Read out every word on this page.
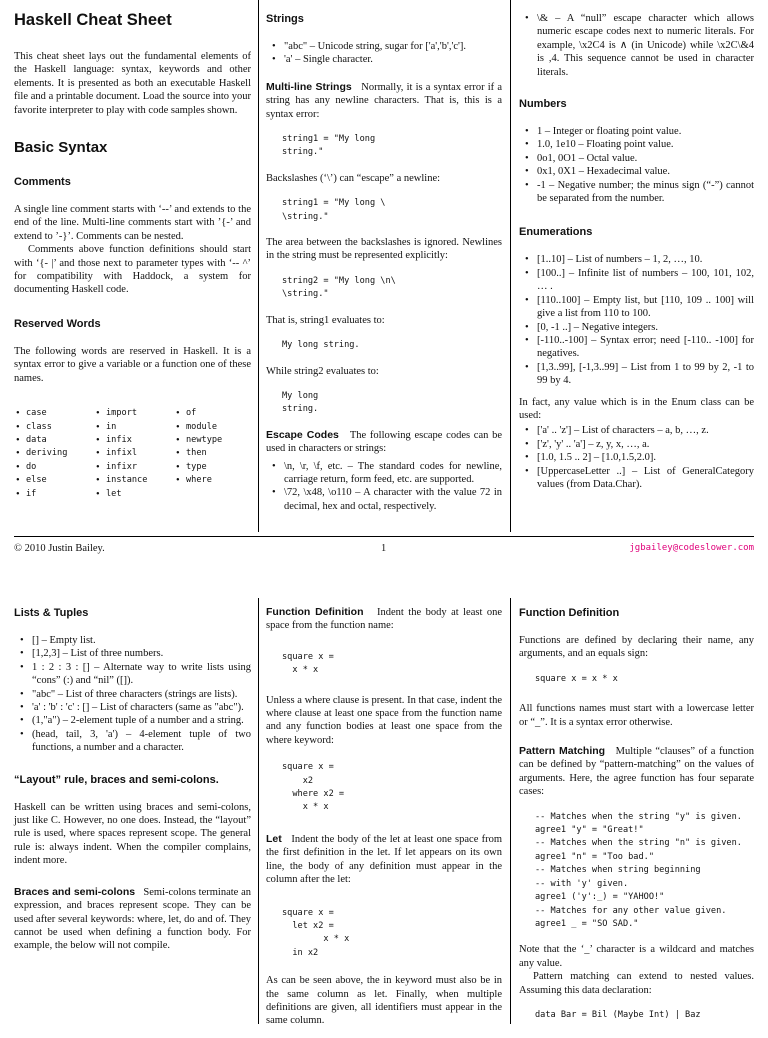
Haskell Cheat Sheet

This cheat sheet lays out the fundamental elements of the Haskell language: syntax, keywords and other elements. It is presented as both an executable Haskell file and a printable document. Load the source into your favorite interpreter to play with code samples shown.

Basic Syntax
Comments

A single line comment starts with ‘--’ and extends to the end of the line. Multi-line comments start with ’{-’ and extend to ’-}’. Comments can be nested.

Comments above function definitions should start with ‘{- |’ and those next to parameter types with ‘-- ^’ for compatibility with Haddock, a system for documenting Haskell code.

Reserved Words

The following words are reserved in Haskell. It is a syntax error to give a variable or a function one of these names.

• case	• import	• of
• class	• in	• module
• data	• infix	• newtype
• deriving	• infixl	• then
• do	• infixr	• type
• else	• instance	• where
• if	• let
Strings
• "abc" – Unicode string, sugar for ['a','b','c'].
• 'a' – Single character.

Multi-line Strings Normally, it is a syntax error if a string has any newline characters. That is, this is a syntax error:

string1 = "My long
string."

Backslashes (‘\’) can “escape” a newline:

string1 = "My long \
\string."

The area between the backslashes is ignored. Newlines in the string must be represented explicitly:

string2 = "My long \n\
\string."

That is, string1 evaluates to:

My long string.

While string2 evaluates to:

My long
string.

Escape Codes The following escape codes can be used in characters or strings:

• \n, \r, \f, etc. – The standard codes for newline, carriage return, form feed, etc. are supported.
• \72, \x48, \o110 – A character with the value 72 in decimal, hex and octal, respectively.
• \& – A “null” escape character which allows numeric escape codes next to numeric literals. For example, \x2C4 is ∧ (in Unicode) while \x2C\&4 is ,4. This sequence cannot be used in character literals.
Numbers
• 1 – Integer or floating point value.
• 1.0, 1e10 – Floating point value.
• 0o1, 0O1 – Octal value.
• 0x1, 0X1 – Hexadecimal value.
• -1 – Negative number; the minus sign (“-”) cannot be separated from the number.
Enumerations
• [1..10] – List of numbers – 1, 2, …, 10.
• [100..] – Infinite list of numbers – 100, 101, 102, … .
• [110..100] – Empty list, but [110, 109 .. 100] will give a list from 110 to 100.
• [0, -1 ..] – Negative integers.
• [-110..-100] – Syntax error; need [-110.. -100] for negatives.
• [1,3..99], [-1,3..99] – List from 1 to 99 by 2, -1 to 99 by 4.

In fact, any value which is in the Enum class can be used:

• ['a' .. 'z'] – List of characters – a, b, …, z.
• ['z', 'y' .. 'a'] – z, y, x, …, a.
• [1.0, 1.5 .. 2] – [1.0,1.5,2.0].
• [UppercaseLetter ..] – List of GeneralCategory values (from Data.Char).
© 2010 Justin Bailey.	1	jgbailey@codeslower.com
Lists & Tuples
• [] – Empty list.
• [1,2,3] – List of three numbers.
• 1 : 2 : 3 : [] – Alternate way to write lists using “cons” (:) and “nil” ([]).
• "abc" – List of three characters (strings are lists).
• 'a' : 'b' : 'c' : [] – List of characters (same as "abc").
• (1,"a") – 2-element tuple of a number and a string.
• (head, tail, 3, 'a') – 4-element tuple of two functions, a number and a character.
“Layout” rule, braces and semi-colons.

Haskell can be written using braces and semi-colons, just like C. However, no one does. Instead, the “layout” rule is used, where spaces represent scope. The general rule is: always indent. When the compiler complains, indent more.

Braces and semi-colons Semi-colons terminate an expression, and braces represent scope. They can be used after several keywords: where, let, do and of. They cannot be used when defining a function body. For example, the below will not compile.

Function Definition Indent the body at least one space from the function name:

square x =
x * x

Unless a where clause is present. In that case, indent the where clause at least one space from the function name and any function bodies at least one space from the where keyword:

square x =
x2
where x2 =
x * x

Let Indent the body of the let at least one space from the first definition in the let. If let appears on its own line, the body of any definition must appear in the column after the let:

square x =
let x2 =
x * x
in x2

As can be seen above, the in keyword must also be in the same column as let. Finally, when multiple definitions are given, all identifiers must appear in the same column.

Function Definition

Functions are defined by declaring their name, any arguments, and an equals sign:

square x = x * x

All functions names must start with a lowercase letter or “_”. It is a syntax error otherwise.

Pattern Matching Multiple “clauses” of a function can be defined by “pattern-matching” on the values of arguments. Here, the agree function has four separate cases:

-- Matches when the string "y" is given.
agree1 "y" = "Great!"
-- Matches when the string "n" is given.
agree1 "n" = "Too bad."
-- Matches when string beginning
-- with 'y' given.
agree1 ('y':_) = "YAHOO!"
-- Matches for any other value given.
agree1 _ = "SO SAD."

Note that the ‘_’ character is a wildcard and matches any value.

Pattern matching can extend to nested values. Assuming this data declaration:

data Bar = Bil (Maybe Int) | Baz
